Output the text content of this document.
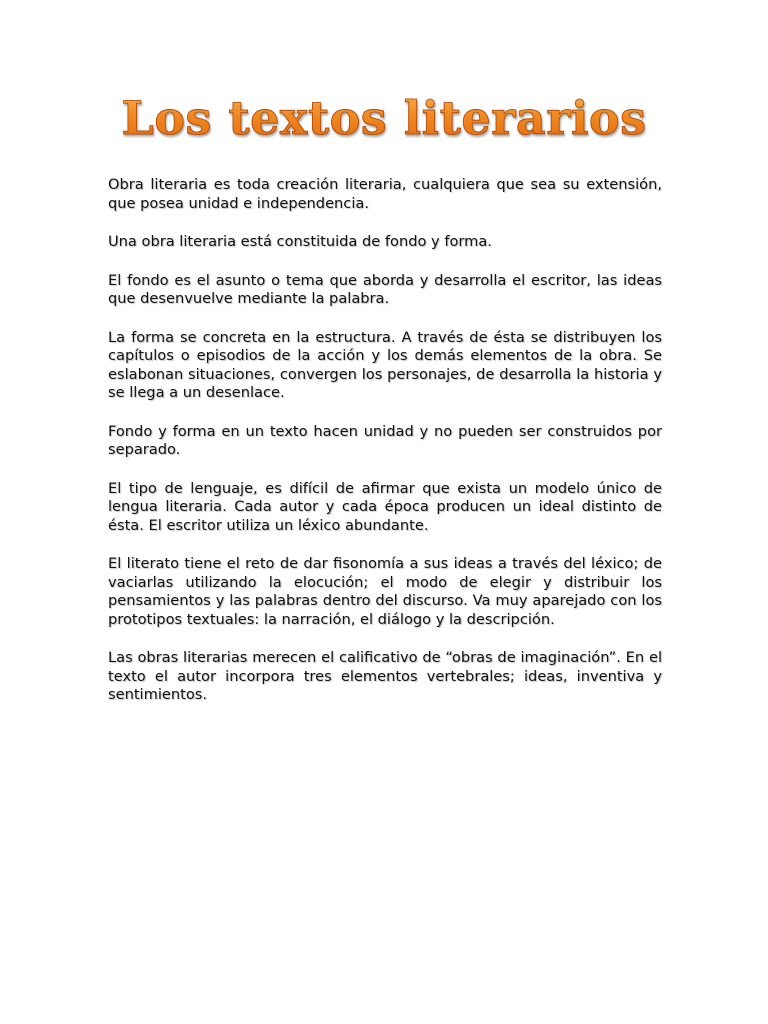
Los textos literarios

Obra literaria es toda creación literaria, cualquiera que sea su extensión, que posea unidad e independencia.

Una obra literaria está constituida de fondo y forma.

El fondo es el asunto o tema que aborda y desarrolla el escritor, las ideas que desenvuelve mediante la palabra.

La forma se concreta en la estructura. A través de ésta se distribuyen los capítulos o episodios de la acción y los demás elementos de la obra. Se eslabonan situaciones, convergen los personajes, de desarrolla la historia y se llega a un desenlace.

Fondo y forma en un texto hacen unidad y no pueden ser construidos por separado.

El tipo de lenguaje, es difícil de afirmar que exista un modelo único de lengua literaria. Cada autor y cada época producen un ideal distinto de ésta. El escritor utiliza un léxico abundante.

El literato tiene el reto de dar fisonomía a sus ideas a través del léxico; de vaciarlas utilizando la elocución; el modo de elegir y distribuir los pensamientos y las palabras dentro del discurso. Va muy aparejado con los prototipos textuales: la narración, el diálogo y la descripción.

Las obras literarias merecen el calificativo de “obras de imaginación”. En el texto el autor incorpora tres elementos vertebrales; ideas, inventiva y sentimientos.
